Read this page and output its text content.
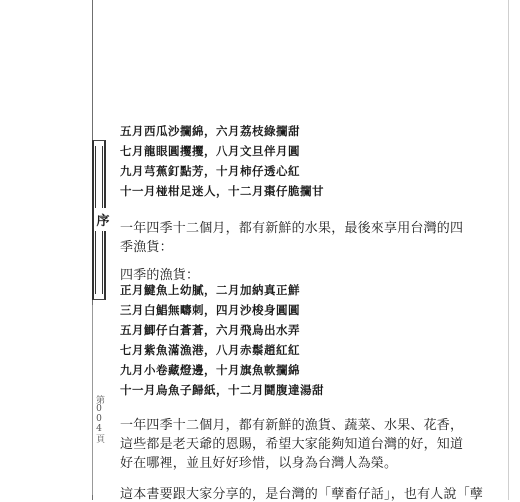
序
第004頁
五月西瓜沙攔綿，六月荔枝綠攔甜
七月龍眼圓攫攫，八月文旦伴月圓
九月芎蕉釘點芳，十月柿仔透心紅
十一月椪柑足迷人，十二月棗仔脆攔甘
一年四季十二個月，都有新鮮的水果，最後來享用台灣的四
季漁貨：
四季的漁貨：
正月鰎魚上幼膩，二月加納真正鮮
三月白鯧無疇刺，四月沙梭身圓圓
五月鯽仔白蒼蒼，六月飛烏出水弄
七月紫魚滿漁港，八月赤鬃趙紅紅
九月小卷藏燈邊，十月旗魚軟攔綿
十一月烏魚子歸紙，十二月鬪腹達湯甜
一年四季十二個月，都有新鮮的漁貨、蔬菜、水果、花香，
這些都是老天爺的恩賜，希望大家能夠知道台灣的好，知道
好在哪裡，並且好好珍惜，以身為台灣人為榮。
這本書要跟大家分享的，是台灣的「孽畜仔話」，也有人說「孽
